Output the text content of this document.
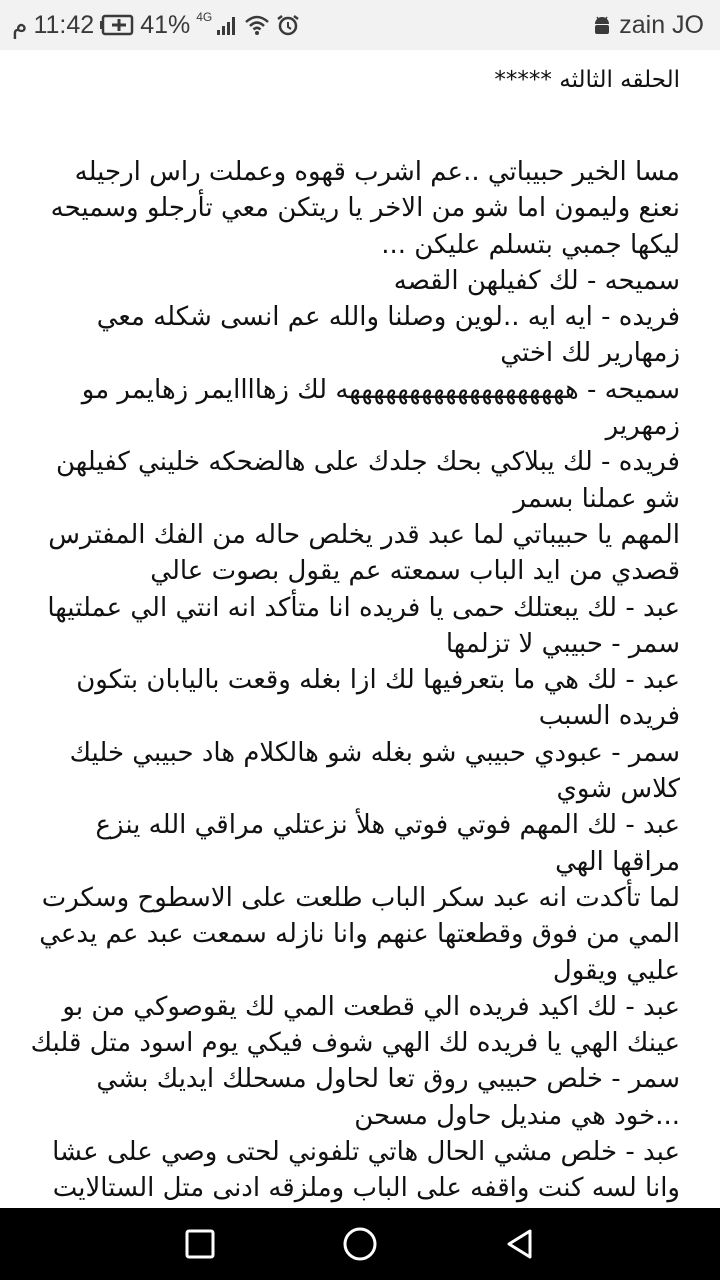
م 11:42 41% 4G	zain JO
الحلقه الثالثه *****

مسا الخير حبيباتي ..عم اشرب قهوه وعملت راس ارجيله نعنع وليمون اما شو من الاخر يا ريتكن معي تأرجلو وسميحه ليكها جمبي بتسلم عليكن ...

سميحه - لك كفيلهن القصه

فريده - ايه ايه ..لوين وصلنا والله عم انسى شكله معي زمهارير لك اختي

سميحه - هههههههههههههههههههه لك زهاااايمر زهايمر مو زمهرير

فريده - لك يبلاكي بحك جلدك على هالضحكه خليني كفيلهن شو عملنا بسمر

المهم يا حبيباتي لما عبد قدر يخلص حاله من الفك المفترس قصدي من ايد الباب سمعته عم يقول بصوت عالي

عبد - لك يبعتلك حمى يا فريده انا متأكد انه انتي الي عملتيها

سمر - حبيبي لا تزلمها

عبد - لك هي ما بتعرفيها لك ازا بغله وقعت باليابان بتكون فريده السبب

سمر - عبودي حبيبي شو بغله شو هالكلام هاد حبيبي خليك كلاس شوي

عبد - لك المهم فوتي فوتي هلأ نزعتلي مراقي الله ينزع مراقها الهي

لما تأكدت انه عبد سكر الباب طلعت على الاسطوح وسكرت المي من فوق وقطعتها عنهم وانا نازله سمعت عبد عم يدعي عليي ويقول

عبد - لك اكيد فريده الي قطعت المي لك يقوصوكي من بو عينك الهي يا فريده لك الهي شوف فيكي يوم اسود متل قلبك

سمر - خلص حبيبي روق تعا لحاول مسحلك ايديك بشي ...خود هي منديل حاول مسحن

عبد - خلص مشي الحال هاتي تلفوني لحتى وصي على عشا وانا لسه كنت واقفه على الباب وملزقه ادنى متل الستالايت
